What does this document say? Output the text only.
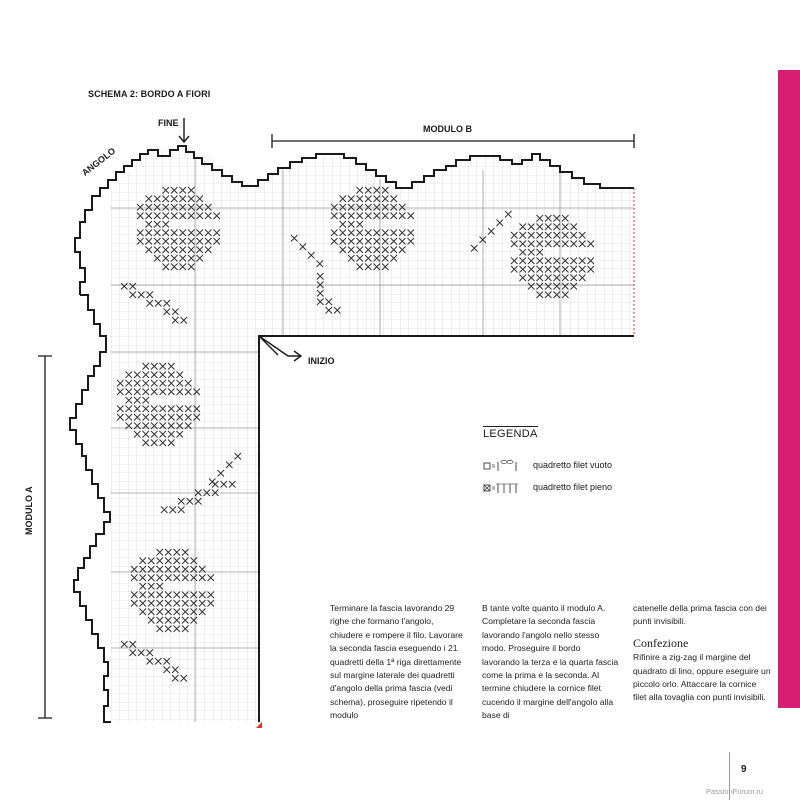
SCHEMA 2: BORDO A FIORI
FINE
MODULO B
ANGOLO
INIZIO
MODULO A
LEGENDA
quadretto filet vuoto
quadretto filet pieno

Terminare la fascia lavorando 29 righe che formano l'angolo, chiudere e rompere il filo. Lavorare la seconda fascia eseguendo i 21 quadretti della 1ª riga direttamente sul margine laterale dei quadretti d'angolo della prima fascia (vedi schema), proseguire ripetendo il modulo

B tante volte quanto il modulo A. Completare la seconda fascia lavorando l'angolo nello stesso modo. Proseguire il bordo lavorando la terza e la quarta fascia come la prima e la seconda. Al termine chiudere la cornice filet cucendo il margine dell'angolo alla base di

catenelle della prima fascia con dei punti invisibili.

Confezione

Rifinire a zig-zag il margine del quadrato di lino, oppure eseguire un piccolo orlo. Attaccare la cornice filet alla tovaglia con punti invisibili.

9
PassionForum.ru
